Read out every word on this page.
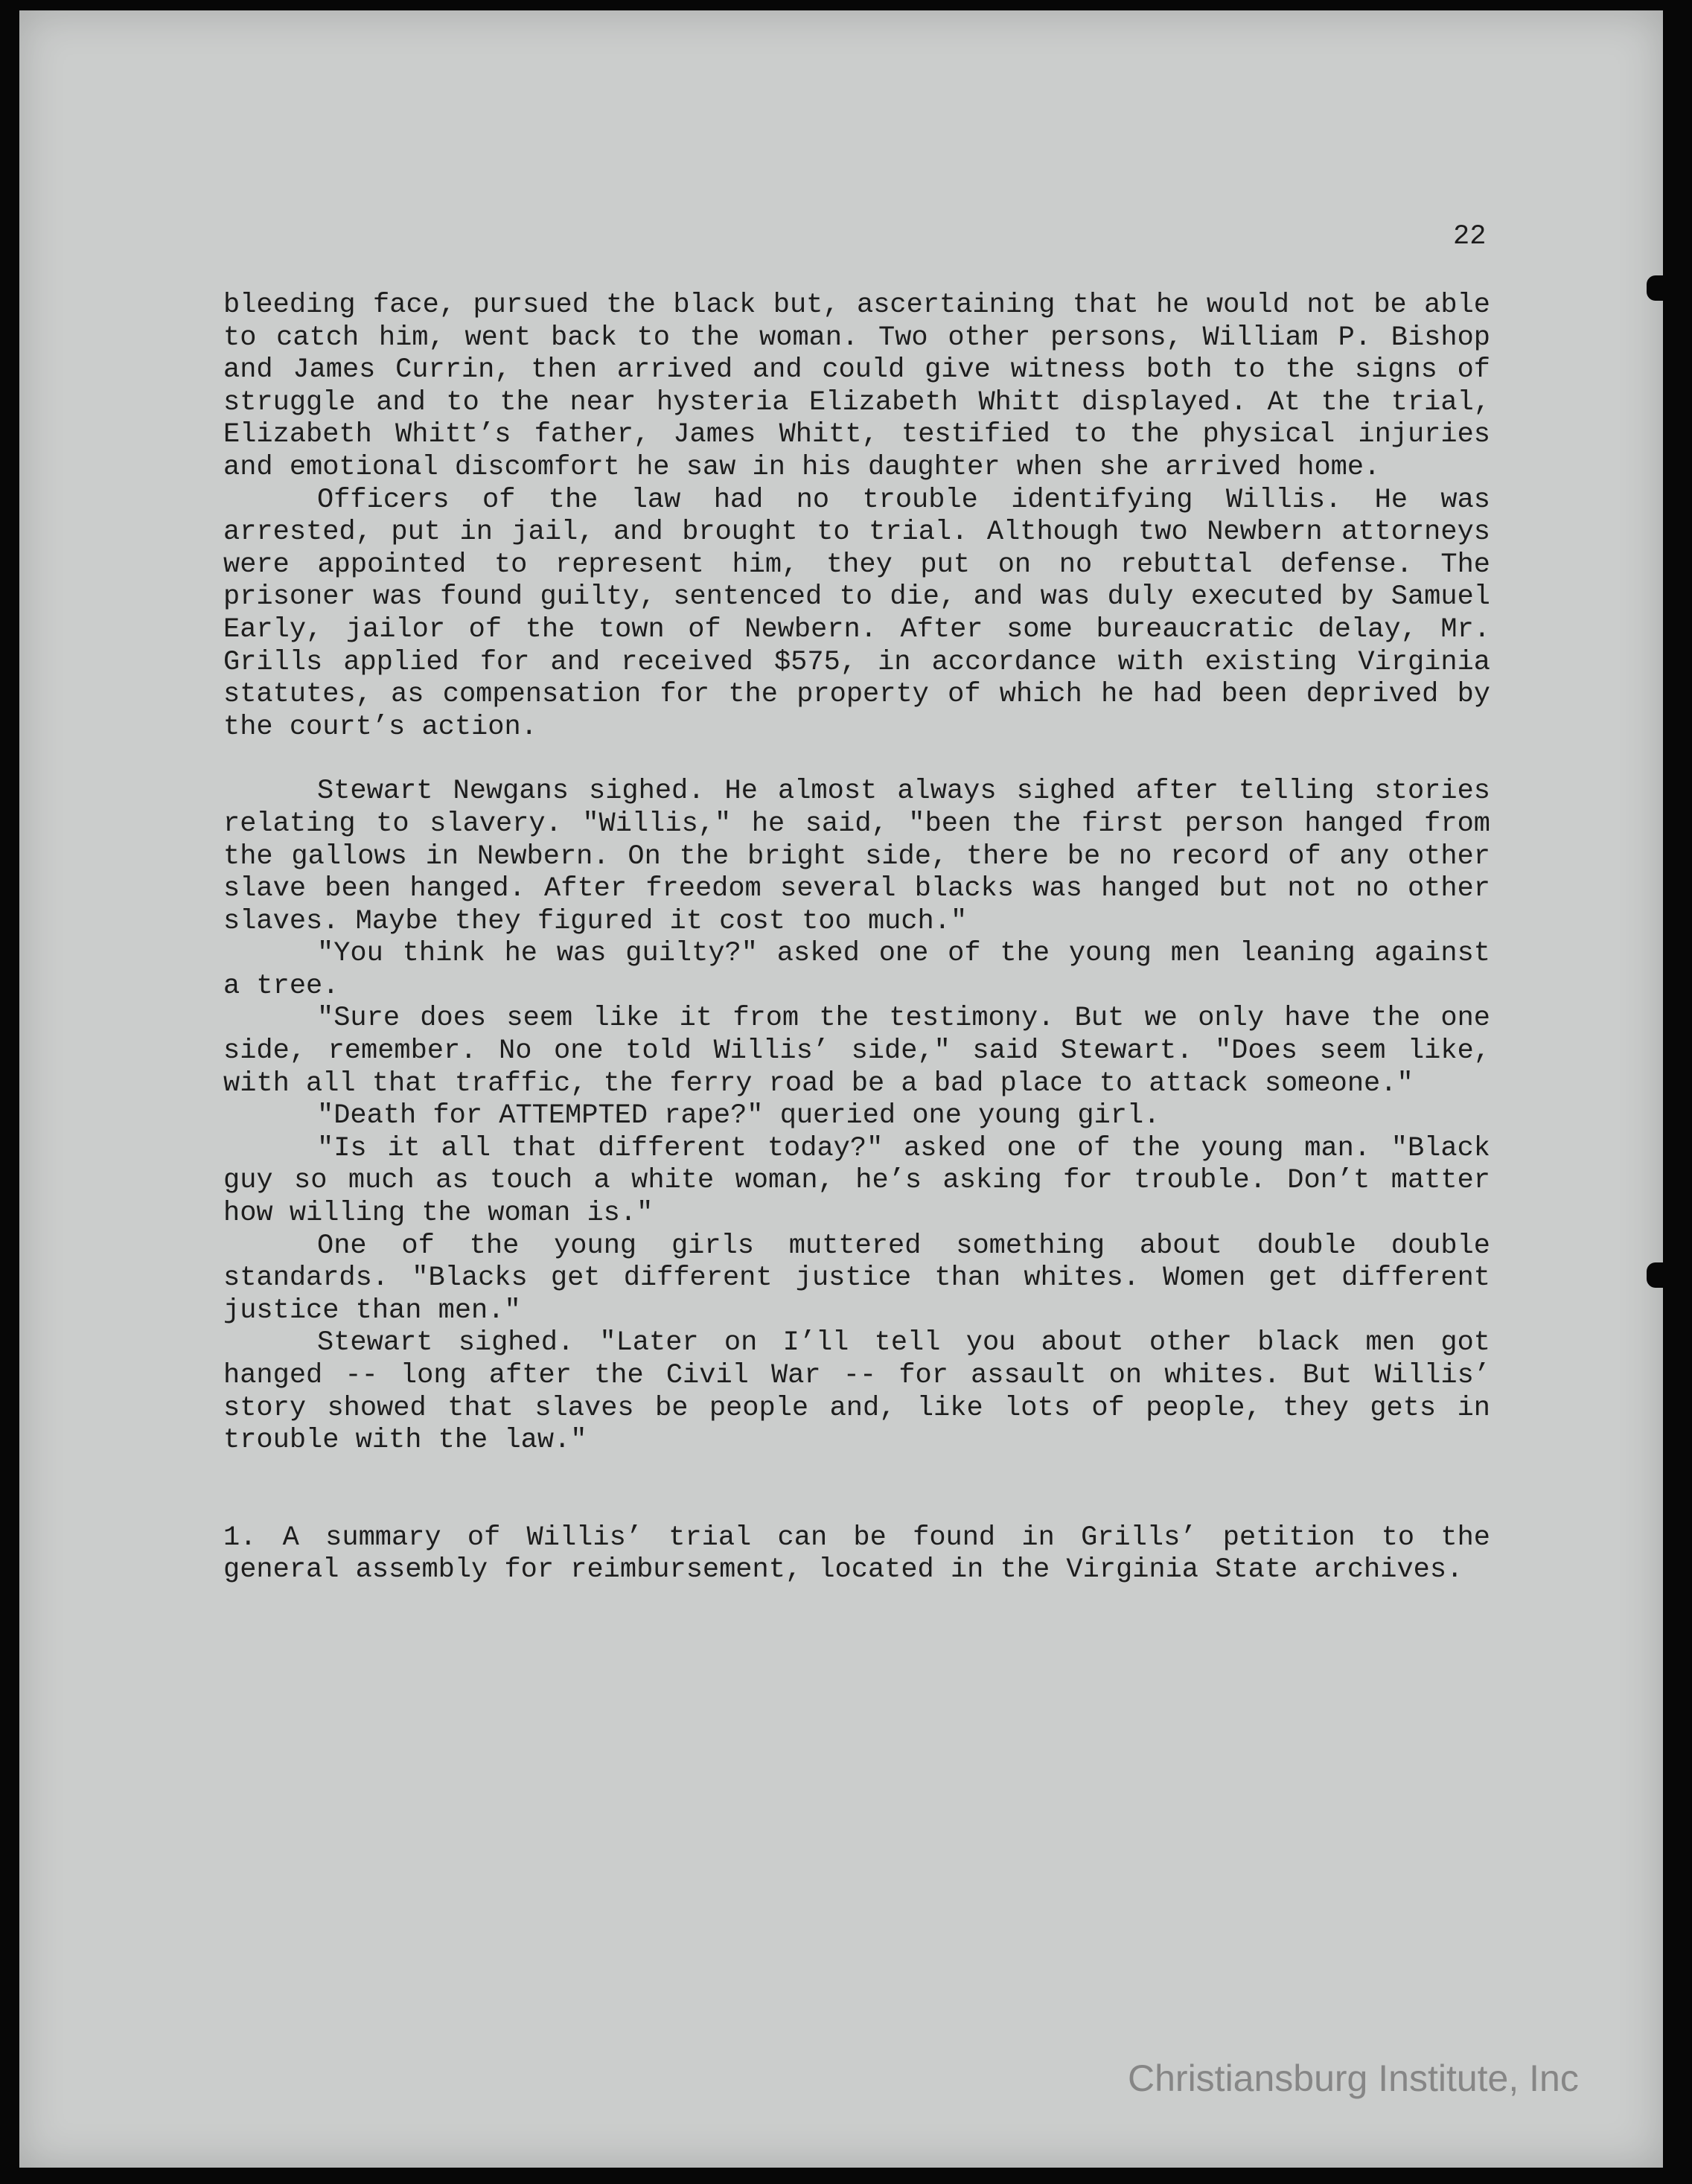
22

bleeding face, pursued the black but, ascertaining that he would not be able to catch him, went back to the woman. Two other persons, William P. Bishop and James Currin, then arrived and could give witness both to the signs of struggle and to the near hysteria Elizabeth Whitt displayed. At the trial, Elizabeth Whitt’s father, James Whitt, testified to the physical injuries and emotional discomfort he saw in his daughter when she arrived home.

Officers of the law had no trouble identifying Willis. He was arrested, put in jail, and brought to trial. Although two Newbern attorneys were appointed to represent him, they put on no rebuttal defense. The prisoner was found guilty, sentenced to die, and was duly executed by Samuel Early, jailor of the town of Newbern. After some bureaucratic delay, Mr. Grills applied for and received $575, in accordance with existing Virginia statutes, as compensation for the property of which he had been deprived by the court’s action.

Stewart Newgans sighed. He almost always sighed after telling stories relating to slavery. "Willis," he said, "been the first person hanged from the gallows in Newbern. On the bright side, there be no record of any other slave been hanged. After freedom several blacks was hanged but not no other slaves. Maybe they figured it cost too much."

"You think he was guilty?" asked one of the young men leaning against a tree.

"Sure does seem like it from the testimony. But we only have the one side, remember. No one told Willis’ side," said Stewart. "Does seem like, with all that traffic, the ferry road be a bad place to attack someone."

"Death for ATTEMPTED rape?" queried one young girl.

"Is it all that different today?" asked one of the young man. "Black guy so much as touch a white woman, he’s asking for trouble. Don’t matter how willing the woman is."

One of the young girls muttered something about double double standards. "Blacks get different justice than whites. Women get different justice than men."

Stewart sighed. "Later on I’ll tell you about other black men got hanged -- long after the Civil War -- for assault on whites. But Willis’ story showed that slaves be people and, like lots of people, they gets in trouble with the law."

1. A summary of Willis’ trial can be found in Grills’ petition to the general assembly for reimbursement, located in the Virginia State archives.

Christiansburg Institute, Inc
